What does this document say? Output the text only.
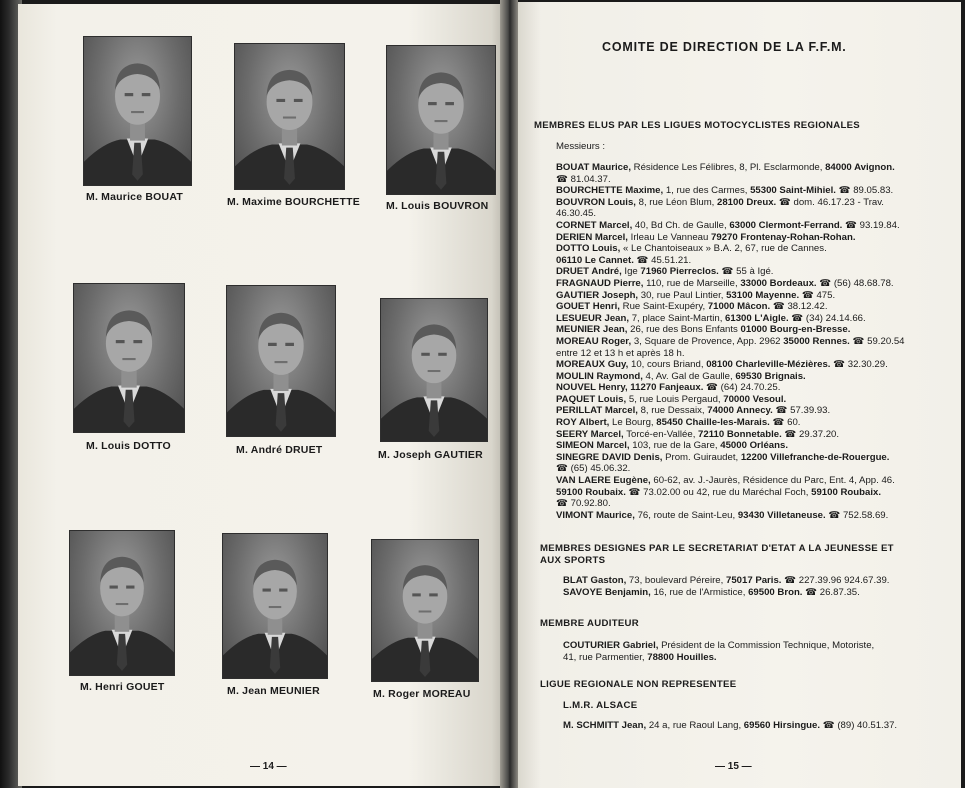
M. Maurice BOUAT	M. Maxime BOURCHETTE M. Louis BOUVRON
M. Louis DOTTO	M. André DRUET	M. Joseph GAUTIER
M. Henri GOUET	M. Jean MEUNIER	M. Roger MOREAU
— 14 —
COMITE DE DIRECTION DE LA F.F.M.
MEMBRES ELUS PAR LES LIGUES MOTOCYCLISTES REGIONALES
Messieurs :
BOUAT Maurice, Résidence Les Félibres, 8, Pl. Esclarmonde, 84000 Avignon.
☎ 81.04.37.
BOURCHETTE Maxime, 1, rue des Carmes, 55300 Saint-Mihiel. ☎ 89.05.83.
BOUVRON Louis, 8, rue Léon Blum, 28100 Dreux. ☎ dom. 46.17.23 - Trav.
46.30.45.
CORNET Marcel, 40, Bd Ch. de Gaulle, 63000 Clermont-Ferrand. ☎ 93.19.84.
DERIEN Marcel, Irleau Le Vanneau 79270 Frontenay-Rohan-Rohan.
DOTTO Louis, « Le Chantoiseaux » B.A. 2, 67, rue de Cannes.
06110 Le Cannet. ☎ 45.51.21.
DRUET André, Ige 71960 Pierreclos. ☎ 55 à Igé.
FRAGNAUD Pierre, 110, rue de Marseille, 33000 Bordeaux. ☎ (56) 48.68.78.
GAUTIER Joseph, 30, rue Paul Lintier, 53100 Mayenne. ☎ 475.
GOUET Henri, Rue Saint-Exupéry, 71000 Mâcon. ☎ 38.12.42.
LESUEUR Jean, 7, place Saint-Martin, 61300 L'Aigle. ☎ (34) 24.14.66.
MEUNIER Jean, 26, rue des Bons Enfants 01000 Bourg-en-Bresse.
MOREAU Roger, 3, Square de Provence, App. 2962 35000 Rennes. ☎ 59.20.54
entre 12 et 13 h et après 18 h.
MOREAUX Guy, 10, cours Briand, 08100 Charleville-Mézières. ☎ 32.30.29.
MOULIN Raymond, 4, Av. Gal de Gaulle, 69530 Brignais.
NOUVEL Henry, 11270 Fanjeaux. ☎ (64) 24.70.25.
PAQUET Louis, 5, rue Louis Pergaud, 70000 Vesoul.
PERILLAT Marcel, 8, rue Dessaix, 74000 Annecy. ☎ 57.39.93.
ROY Albert, Le Bourg, 85450 Chaille-les-Marais. ☎ 60.
SEERY Marcel, Torcé-en-Vallée, 72110 Bonnetable. ☎ 29.37.20.
SIMEON Marcel, 103, rue de la Gare, 45000 Orléans.
SINEGRE DAVID Denis, Prom. Guiraudet, 12200 Villefranche-de-Rouergue.
☎ (65) 45.06.32.
VAN LAERE Eugène, 60-62, av. J.-Jaurès, Résidence du Parc, Ent. 4, App. 46.
59100 Roubaix. ☎ 73.02.00 ou 42, rue du Maréchal Foch, 59100 Roubaix.
☎ 70.92.80.
VIMONT Maurice, 76, route de Saint-Leu, 93430 Villetaneuse. ☎ 752.58.69.
MEMBRES DESIGNES PAR LE SECRETARIAT D'ETAT A LA JEUNESSE ET
AUX SPORTS
BLAT Gaston, 73, boulevard Péreire, 75017 Paris. ☎ 227.39.96 924.67.39.
SAVOYE Benjamin, 16, rue de l'Armistice, 69500 Bron. ☎ 26.87.35.
MEMBRE AUDITEUR
COUTURIER Gabriel, Président de la Commission Technique, Motoriste,
41, rue Parmentier, 78800 Houilles.
LIGUE REGIONALE NON REPRESENTEE
L.M.R. ALSACE
M. SCHMITT Jean, 24 a, rue Raoul Lang, 69560 Hirsingue. ☎ (89) 40.51.37.
— 15 —
